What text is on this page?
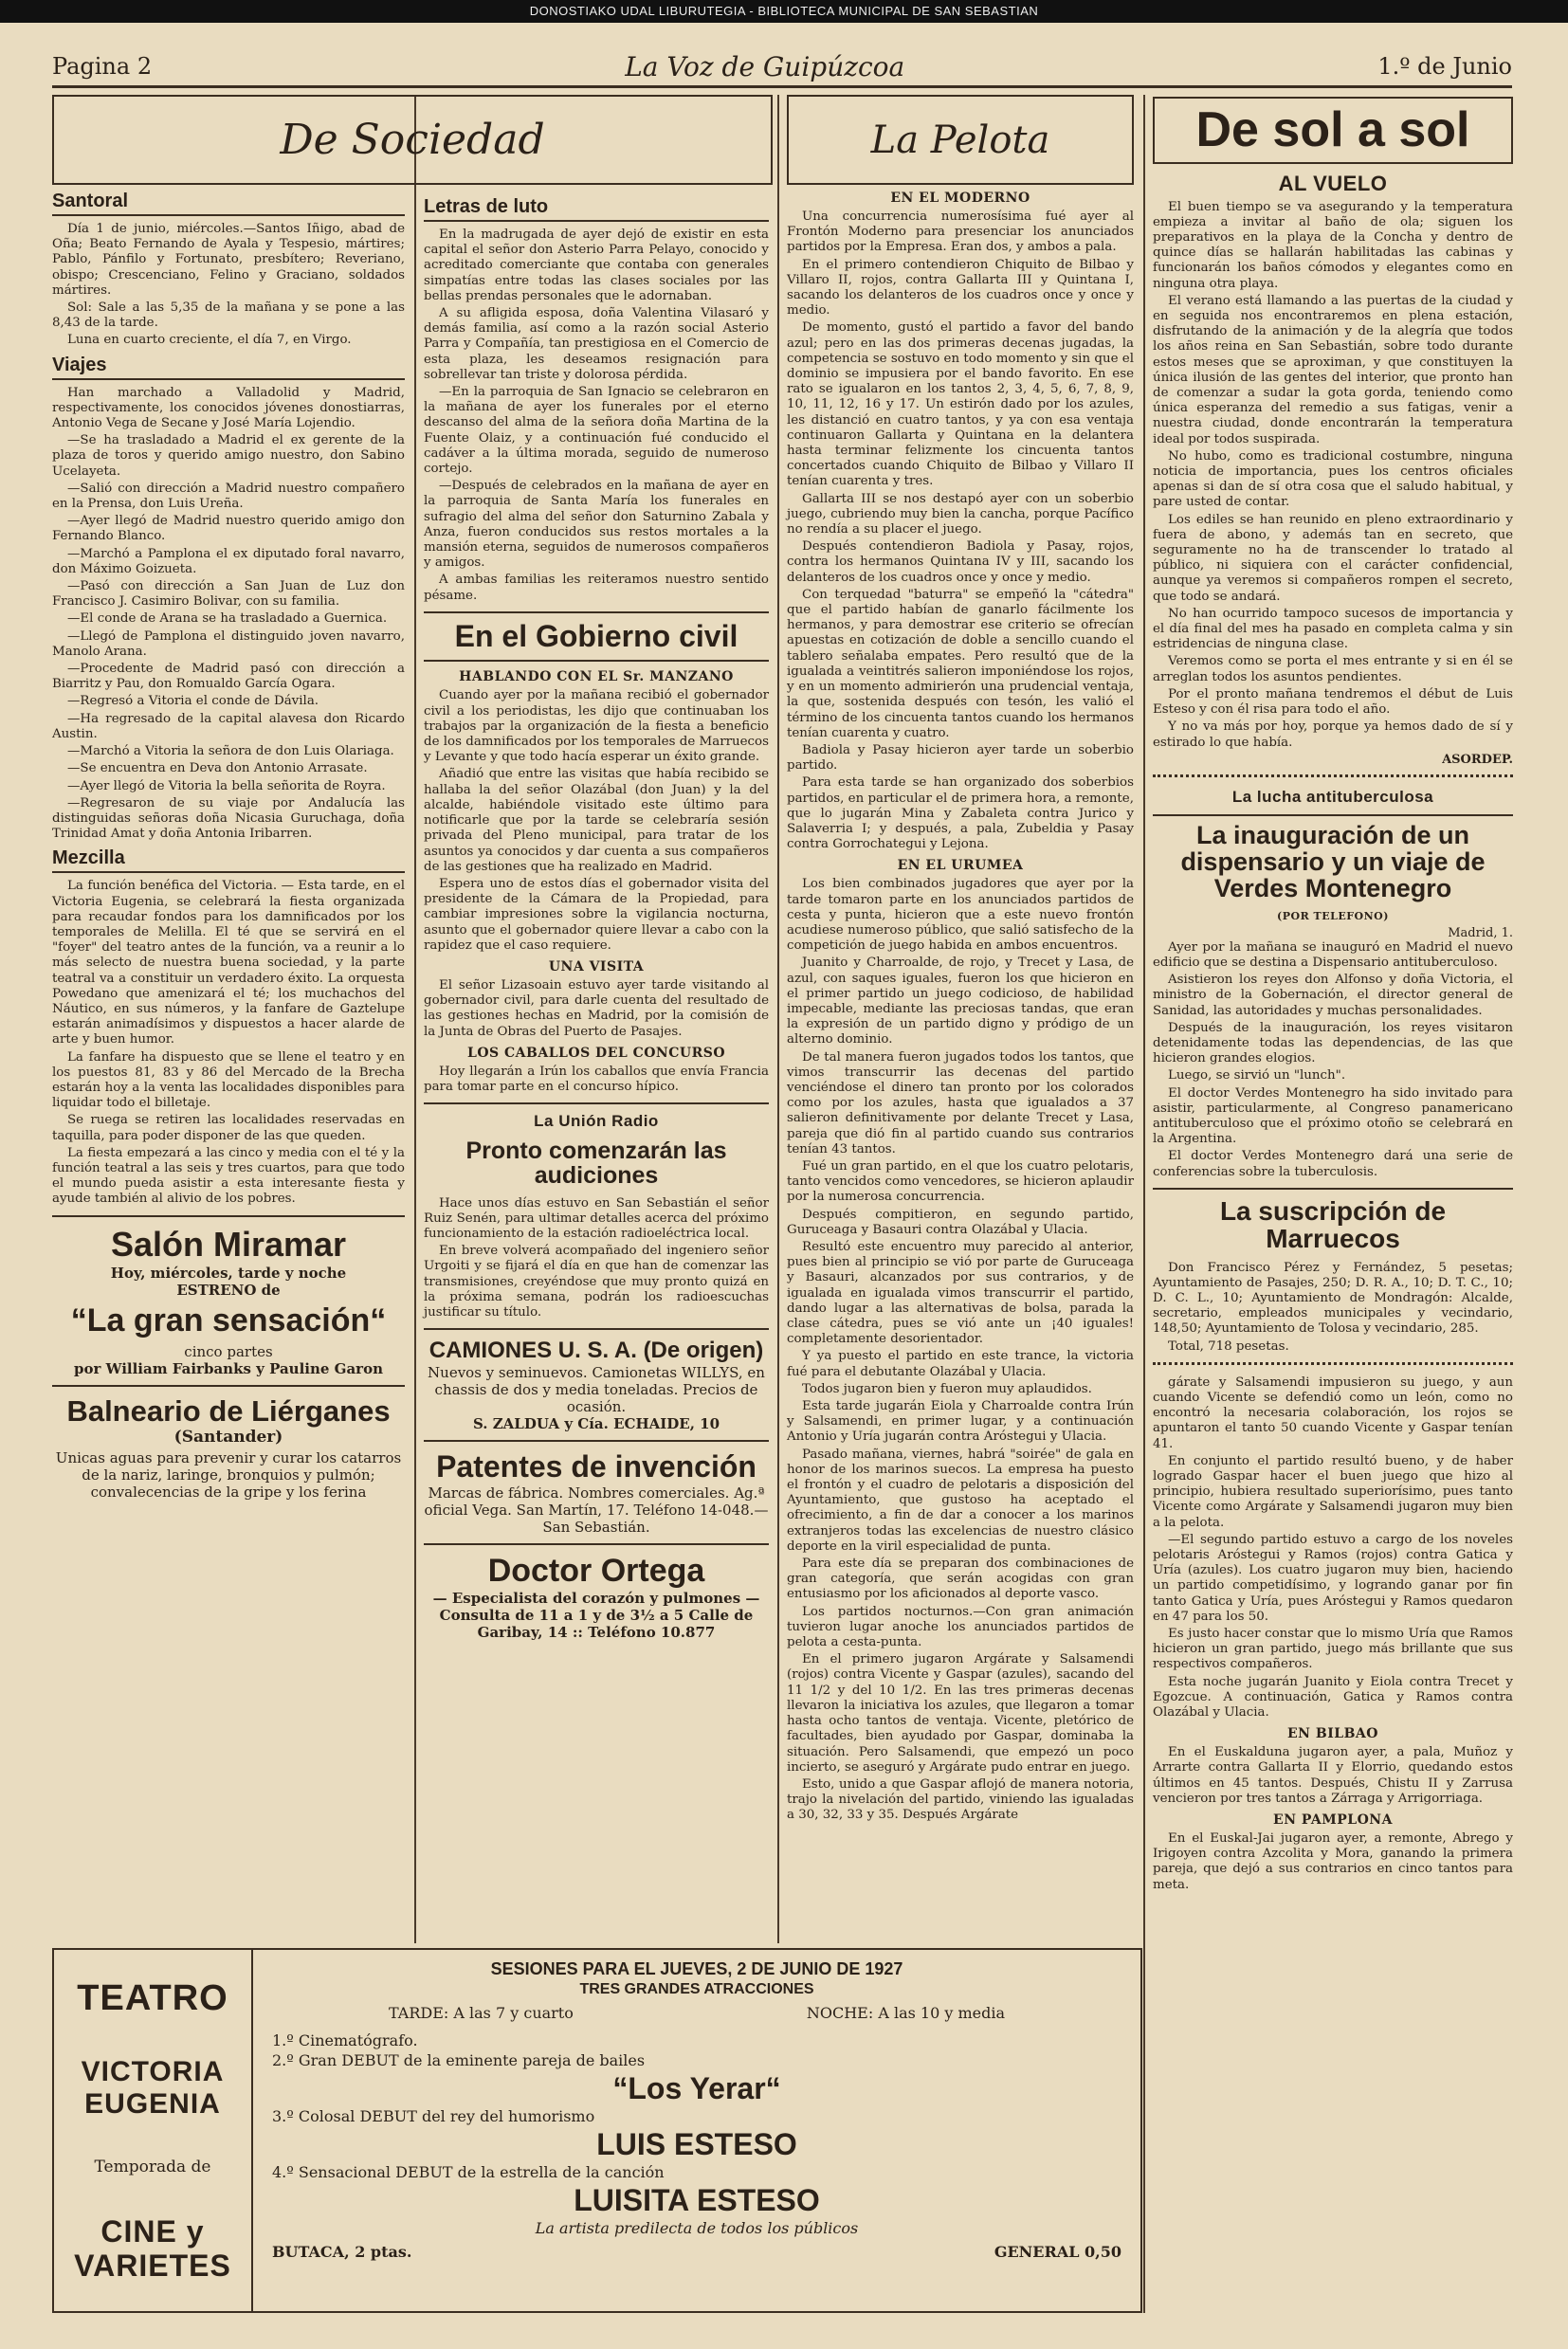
DONOSTIAKO UDAL LIBURUTEGIA - BIBLIOTECA MUNICIPAL DE SAN SEBASTIAN
Pagina 2	La Voz de Guipúzcoa	1.º de Junio
De Sociedad
Santoral

Día 1 de junio, miércoles.—Santos Iñigo, abad de Oña; Beato Fernando de Ayala y Tespesio, mártires; Pablo, Pánfilo y Fortunato, presbítero; Reveriano, obispo; Crescenciano, Felino y Graciano, soldados mártires.

Sol: Sale a las 5,35 de la mañana y se pone a las 8,43 de la tarde.

Luna en cuarto creciente, el día 7, en Virgo.

Viajes

Han marchado a Valladolid y Madrid, respectivamente, los conocidos jóvenes donostiarras, Antonio Vega de Secane y José María Lojendio.

—Se ha trasladado a Madrid el ex gerente de la plaza de toros y querido amigo nuestro, don Sabino Ucelayeta.

—Salió con dirección a Madrid nuestro compañero en la Prensa, don Luis Ureña.

—Ayer llegó de Madrid nuestro querido amigo don Fernando Blanco.

—Marchó a Pamplona el ex diputado foral navarro, don Máximo Goizueta.

—Pasó con dirección a San Juan de Luz don Francisco J. Casimiro Bolivar, con su familia.

—El conde de Arana se ha trasladado a Guernica.

—Llegó de Pamplona el distinguido joven navarro, Manolo Arana.

—Procedente de Madrid pasó con dirección a Biarritz y Pau, don Romualdo García Ogara.

—Regresó a Vitoria el conde de Dávila.

—Ha regresado de la capital alavesa don Ricardo Austin.

—Marchó a Vitoria la señora de don Luis Olariaga.

—Se encuentra en Deva don Antonio Arrasate.

—Ayer llegó de Vitoria la bella señorita de Royra.

—Regresaron de su viaje por Andalucía las distinguidas señoras doña Nicasia Guruchaga, doña Trinidad Amat y doña Antonia Iribarren.

Mezcilla

La función benéfica del Victoria. — Esta tarde, en el Victoria Eugenia, se celebrará la fiesta organizada para recaudar fondos para los damnificados por los temporales de Melilla. El té que se servirá en el "foyer" del teatro antes de la función, va a reunir a lo más selecto de nuestra buena sociedad, y la parte teatral va a constituir un verdadero éxito. La orquesta Powedano que amenizará el té; los muchachos del Náutico, en sus números, y la fanfare de Gaztelupe estarán animadísimos y dispuestos a hacer alarde de arte y buen humor.

La fanfare ha dispuesto que se llene el teatro y en los puestos 81, 83 y 86 del Mercado de la Brecha estarán hoy a la venta las localidades disponibles para liquidar todo el billetaje.

Se ruega se retiren las localidades reservadas en taquilla, para poder disponer de las que queden.

La fiesta empezará a las cinco y media con el té y la función teatral a las seis y tres cuartos, para que todo el mundo pueda asistir a esta interesante fiesta y ayude también al alivio de los pobres.

Salón Miramar
Hoy, miércoles, tarde y noche
ESTRENO de
“La gran sensación“
cinco partes
por William Fairbanks y Pauline Garon
Balneario de Liérganes
(Santander)
Unicas aguas para prevenir y curar los catarros de la nariz, laringe, bronquios y pulmón; convalecencias de la gripe y los ferina
Letras de luto

En la madrugada de ayer dejó de existir en esta capital el señor don Asterio Parra Pelayo, conocido y acreditado comerciante que contaba con generales simpatías entre todas las clases sociales por las bellas prendas personales que le adornaban.

A su afligida esposa, doña Valentina Vilasaró y demás familia, así como a la razón social Asterio Parra y Compañía, tan prestigiosa en el Comercio de esta plaza, les deseamos resignación para sobrellevar tan triste y dolorosa pérdida.

—En la parroquia de San Ignacio se celebraron en la mañana de ayer los funerales por el eterno descanso del alma de la señora doña Martina de la Fuente Olaiz, y a continuación fué conducido el cadáver a la última morada, seguido de numeroso cortejo.

—Después de celebrados en la mañana de ayer en la parroquia de Santa María los funerales en sufragio del alma del señor don Saturnino Zabala y Anza, fueron conducidos sus restos mortales a la mansión eterna, seguidos de numerosos compañeros y amigos.

A ambas familias les reiteramos nuestro sentido pésame.

En el Gobierno civil
HABLANDO CON EL Sr. MANZANO

Cuando ayer por la mañana recibió el gobernador civil a los periodistas, les dijo que continuaban los trabajos par la organización de la fiesta a beneficio de los damnificados por los temporales de Marruecos y Levante y que todo hacía esperar un éxito grande.

Añadió que entre las visitas que había recibido se hallaba la del señor Olazábal (don Juan) y la del alcalde, habiéndole visitado este último para notificarle que por la tarde se celebraría sesión privada del Pleno municipal, para tratar de los asuntos ya conocidos y dar cuenta a sus compañeros de las gestiones que ha realizado en Madrid.

Espera uno de estos días el gobernador visita del presidente de la Cámara de la Propiedad, para cambiar impresiones sobre la vigilancia nocturna, asunto que el gobernador quiere llevar a cabo con la rapidez que el caso requiere.

UNA VISITA

El señor Lizasoain estuvo ayer tarde visitando al gobernador civil, para darle cuenta del resultado de las gestiones hechas en Madrid, por la comisión de la Junta de Obras del Puerto de Pasajes.

LOS CABALLOS DEL CONCURSO

Hoy llegarán a Irún los caballos que envía Francia para tomar parte en el concurso hípico.

La Unión Radio
Pronto comenzarán las audiciones

Hace unos días estuvo en San Sebastián el señor Ruiz Senén, para ultimar detalles acerca del próximo funcionamiento de la estación radioeléctrica local.

En breve volverá acompañado del ingeniero señor Urgoiti y se fijará el día en que han de comenzar las transmisiones, creyéndose que muy pronto quizá en la próxima semana, podrán los radioescuchas justificar su título.

CAMIONES U. S. A. (De origen)
Nuevos y seminuevos. Camionetas WILLYS, en chassis de dos y media toneladas. Precios de ocasión.
S. ZALDUA y Cía. ECHAIDE, 10
Patentes de invención
Marcas de fábrica. Nombres comerciales. Ag.ª oficial Vega. San Martín, 17. Teléfono 14-048.—San Sebastián.
Doctor Ortega
— Especialista del corazón y pulmones — Consulta de 11 a 1 y de 3½ a 5 Calle de Garibay, 14 :: Teléfono 10.877
La Pelota
EN EL MODERNO

Una concurrencia numerosísima fué ayer al Frontón Moderno para presenciar los anunciados partidos por la Empresa. Eran dos, y ambos a pala.

En el primero contendieron Chiquito de Bilbao y Villaro II, rojos, contra Gallarta III y Quintana I, sacando los delanteros de los cuadros once y once y medio.

De momento, gustó el partido a favor del bando azul; pero en las dos primeras decenas jugadas, la competencia se sostuvo en todo momento y sin que el dominio se impusiera por el bando favorito. En ese rato se igualaron en los tantos 2, 3, 4, 5, 6, 7, 8, 9, 10, 11, 12, 16 y 17. Un estirón dado por los azules, les distanció en cuatro tantos, y ya con esa ventaja continuaron Gallarta y Quintana en la delantera hasta terminar felizmente los cincuenta tantos concertados cuando Chiquito de Bilbao y Villaro II tenían cuarenta y tres.

Gallarta III se nos destapó ayer con un soberbio juego, cubriendo muy bien la cancha, porque Pacífico no rendía a su placer el juego.

Después contendieron Badiola y Pasay, rojos, contra los hermanos Quintana IV y III, sacando los delanteros de los cuadros once y once y medio.

Con terquedad "baturra" se empeñó la "cátedra" que el partido habían de ganarlo fácilmente los hermanos, y para demostrar ese criterio se ofrecían apuestas en cotización de doble a sencillo cuando el tablero señalaba empates. Pero resultó que de la igualada a veintitrés salieron imponiéndose los rojos, y en un momento admirierón una prudencial ventaja, la que, sostenida después con tesón, les valió el término de los cincuenta tantos cuando los hermanos tenían cuarenta y cuatro.

Badiola y Pasay hicieron ayer tarde un soberbio partido.

Para esta tarde se han organizado dos soberbios partidos, en particular el de primera hora, a remonte, que lo jugarán Mina y Zabaleta contra Jurico y Salaverria I; y después, a pala, Zubeldia y Pasay contra Gorrochategui y Lejona.

EN EL URUMEA

Los bien combinados jugadores que ayer por la tarde tomaron parte en los anunciados partidos de cesta y punta, hicieron que a este nuevo frontón acudiese numeroso público, que salió satisfecho de la competición de juego habida en ambos encuentros.

Juanito y Charroalde, de rojo, y Trecet y Lasa, de azul, con saques iguales, fueron los que hicieron en el primer partido un juego codicioso, de habilidad impecable, mediante las preciosas tandas, que eran la expresión de un partido digno y pródigo de un alterno dominio.

De tal manera fueron jugados todos los tantos, que vimos transcurrir las decenas del partido venciéndose el dinero tan pronto por los colorados como por los azules, hasta que igualados a 37 salieron definitivamente por delante Trecet y Lasa, pareja que dió fin al partido cuando sus contrarios tenían 43 tantos.

Fué un gran partido, en el que los cuatro pelotaris, tanto vencidos como vencedores, se hicieron aplaudir por la numerosa concurrencia.

Después compitieron, en segundo partido, Guruceaga y Basauri contra Olazábal y Ulacia.

Resultó este encuentro muy parecido al anterior, pues bien al principio se vió por parte de Guruceaga y Basauri, alcanzados por sus contrarios, y de igualada en igualada vimos transcurrir el partido, dando lugar a las alternativas de bolsa, parada la clase cátedra, pues se vió ante un ¡40 iguales! completamente desorientador.

Y ya puesto el partido en este trance, la victoria fué para el debutante Olazábal y Ulacia.

Todos jugaron bien y fueron muy aplaudidos.

Esta tarde jugarán Eiola y Charroalde contra Irún y Salsamendi, en primer lugar, y a continuación Antonio y Uría jugarán contra Aróstegui y Ulacia.

Pasado mañana, viernes, habrá "soirée" de gala en honor de los marinos suecos. La empresa ha puesto el frontón y el cuadro de pelotaris a disposición del Ayuntamiento, que gustoso ha aceptado el ofrecimiento, a fin de dar a conocer a los marinos extranjeros todas las excelencias de nuestro clásico deporte en la viril especialidad de punta.

Para este día se preparan dos combinaciones de gran categoría, que serán acogidas con gran entusiasmo por los aficionados al deporte vasco.

Los partidos nocturnos.—Con gran animación tuvieron lugar anoche los anunciados partidos de pelota a cesta-punta.

En el primero jugaron Argárate y Salsamendi (rojos) contra Vicente y Gaspar (azules), sacando del 11 1/2 y del 10 1/2. En las tres primeras decenas llevaron la iniciativa los azules, que llegaron a tomar hasta ocho tantos de ventaja. Vicente, pletórico de facultades, bien ayudado por Gaspar, dominaba la situación. Pero Salsamendi, que empezó un poco incierto, se aseguró y Argárate pudo entrar en juego.

Esto, unido a que Gaspar aflojó de manera notoria, trajo la nivelación del partido, viniendo las igualadas a 30, 32, 33 y 35. Después Argárate

De sol a sol
AL VUELO

El buen tiempo se va asegurando y la temperatura empieza a invitar al baño de ola; siguen los preparativos en la playa de la Concha y dentro de quince días se hallarán habilitadas las cabinas y funcionarán los baños cómodos y elegantes como en ninguna otra playa.

El verano está llamando a las puertas de la ciudad y en seguida nos encontraremos en plena estación, disfrutando de la animación y de la alegría que todos los años reina en San Sebastián, sobre todo durante estos meses que se aproximan, y que constituyen la única ilusión de las gentes del interior, que pronto han de comenzar a sudar la gota gorda, teniendo como única esperanza del remedio a sus fatigas, venir a nuestra ciudad, donde encontrarán la temperatura ideal por todos suspirada.

No hubo, como es tradicional costumbre, ninguna noticia de importancia, pues los centros oficiales apenas si dan de sí otra cosa que el saludo habitual, y pare usted de contar.

Los ediles se han reunido en pleno extraordinario y fuera de abono, y además tan en secreto, que seguramente no ha de transcender lo tratado al público, ni siquiera con el carácter confidencial, aunque ya veremos si compañeros rompen el secreto, que todo se andará.

No han ocurrido tampoco sucesos de importancia y el día final del mes ha pasado en completa calma y sin estridencias de ninguna clase.

Veremos como se porta el mes entrante y si en él se arreglan todos los asuntos pendientes.

Por el pronto mañana tendremos el début de Luis Esteso y con él risa para todo el año.

Y no va más por hoy, porque ya hemos dado de sí y estirado lo que había.

ASORDEP.
La lucha antituberculosa
La inauguración de un dispensario y un viaje de Verdes Montenegro
(POR TELEFONO)
Madrid, 1.

Ayer por la mañana se inauguró en Madrid el nuevo edificio que se destina a Dispensario antituberculoso.

Asistieron los reyes don Alfonso y doña Victoria, el ministro de la Gobernación, el director general de Sanidad, las autoridades y muchas personalidades.

Después de la inauguración, los reyes visitaron detenidamente todas las dependencias, de las que hicieron grandes elogios.

Luego, se sirvió un "lunch".

El doctor Verdes Montenegro ha sido invitado para asistir, particularmente, al Congreso panamericano antituberculoso que el próximo otoño se celebrará en la Argentina.

El doctor Verdes Montenegro dará una serie de conferencias sobre la tuberculosis.

La suscripción de Marruecos

Don Francisco Pérez y Fernández, 5 pesetas; Ayuntamiento de Pasajes, 250; D. R. A., 10; D. T. C., 10; D. C. L., 10; Ayuntamiento de Mondragón: Alcalde, secretario, empleados municipales y vecindario, 148,50; Ayuntamiento de Tolosa y vecindario, 285.

Total, 718 pesetas.

gárate y Salsamendi impusieron su juego, y aun cuando Vicente se defendió como un león, como no encontró la necesaria colaboración, los rojos se apuntaron el tanto 50 cuando Vicente y Gaspar tenían 41.

En conjunto el partido resultó bueno, y de haber logrado Gaspar hacer el buen juego que hizo al principio, hubiera resultado superiorísimo, pues tanto Vicente como Argárate y Salsamendi jugaron muy bien a la pelota.

—El segundo partido estuvo a cargo de los noveles pelotaris Aróstegui y Ramos (rojos) contra Gatica y Uría (azules). Los cuatro jugaron muy bien, haciendo un partido competidísimo, y logrando ganar por fin tanto Gatica y Uría, pues Aróstegui y Ramos quedaron en 47 para los 50.

Es justo hacer constar que lo mismo Uría que Ramos hicieron un gran partido, juego más brillante que sus respectivos compañeros.

Esta noche jugarán Juanito y Eiola contra Trecet y Egozcue. A continuación, Gatica y Ramos contra Olazábal y Ulacia.

EN BILBAO

En el Euskalduna jugaron ayer, a pala, Muñoz y Arrarte contra Gallarta II y Elorrio, quedando estos últimos en 45 tantos. Después, Chistu II y Zarrusa vencieron por tres tantos a Zárraga y Arrigorriaga.

EN PAMPLONA

En el Euskal-Jai jugaron ayer, a remonte, Abrego y Irigoyen contra Azcolita y Mora, ganando la primera pareja, que dejó a sus contrarios en cinco tantos para meta.

TEATRO
VICTORIA EUGENIA
Temporada de
CINE y VARIETES
SESIONES PARA EL JUEVES, 2 DE JUNIO DE 1927
TRES GRANDES ATRACCIONES
TARDE: A las 7 y cuarto	NOCHE: A las 10 y media
1.º Cinematógrafo.
2.º Gran DEBUT de la eminente pareja de bailes
“Los Yerar“
3.º Colosal DEBUT del rey del humorismo
LUIS ESTESO
4.º Sensacional DEBUT de la estrella de la canción
LUISITA ESTESO
La artista predilecta de todos los públicos
BUTACA, 2 ptas.	GENERAL 0,50
